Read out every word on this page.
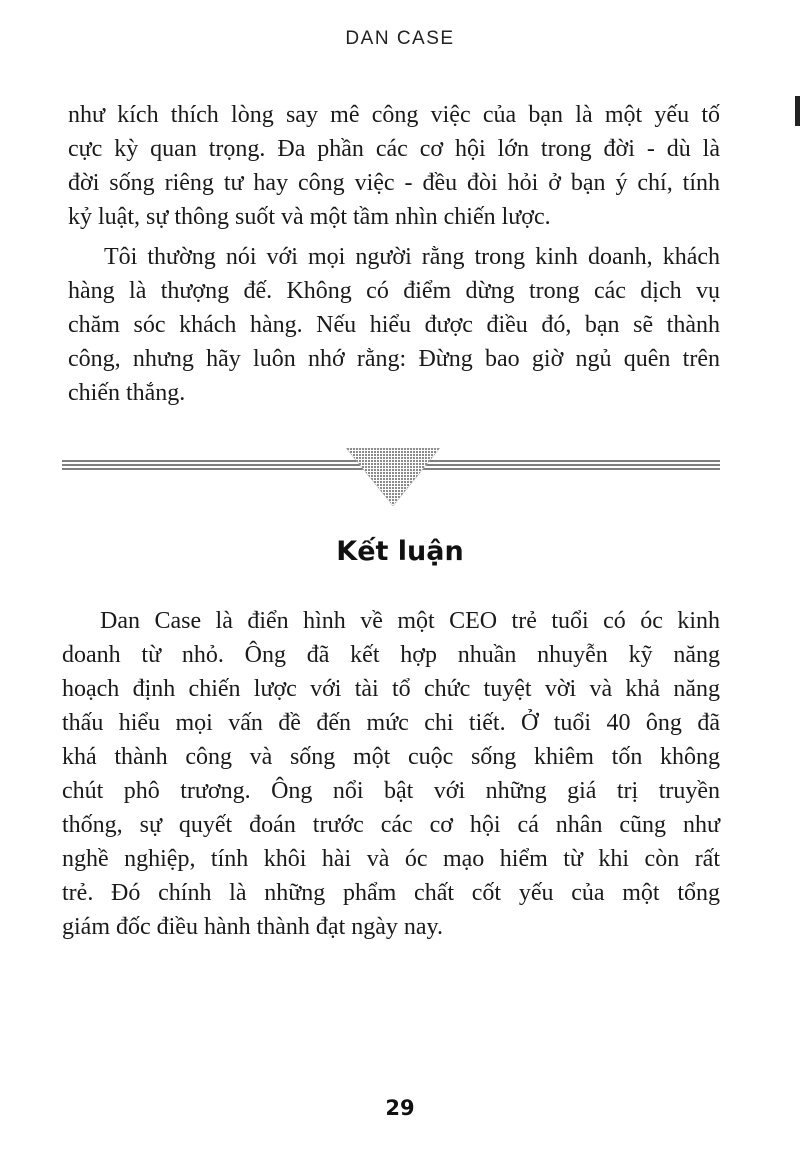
DAN CASE
như kích thích lòng say mê công việc của bạn là một yếu tố
cực kỳ quan trọng. Đa phần các cơ hội lớn trong đời - dù là
đời sống riêng tư hay công việc - đều đòi hỏi ở bạn ý chí, tính
kỷ luật, sự thông suốt và một tầm nhìn chiến lược.
Tôi thường nói với mọi người rằng trong kinh doanh, khách
hàng là thượng đế. Không có điểm dừng trong các dịch vụ
chăm sóc khách hàng. Nếu hiểu được điều đó, bạn sẽ thành
công, nhưng hãy luôn nhớ rằng: Đừng bao giờ ngủ quên trên
chiến thắng.
Kết luận
Dan Case là điển hình về một CEO trẻ tuổi có óc kinh
doanh từ nhỏ. Ông đã kết hợp nhuần nhuyễn kỹ năng
hoạch định chiến lược với tài tổ chức tuyệt vời và khả năng
thấu hiểu mọi vấn đề đến mức chi tiết. Ở tuổi 40 ông đã
khá thành công và sống một cuộc sống khiêm tốn không
chút phô trương. Ông nổi bật với những giá trị truyền
thống, sự quyết đoán trước các cơ hội cá nhân cũng như
nghề nghiệp, tính khôi hài và óc mạo hiểm từ khi còn rất
trẻ. Đó chính là những phẩm chất cốt yếu của một tổng
giám đốc điều hành thành đạt ngày nay.
29
